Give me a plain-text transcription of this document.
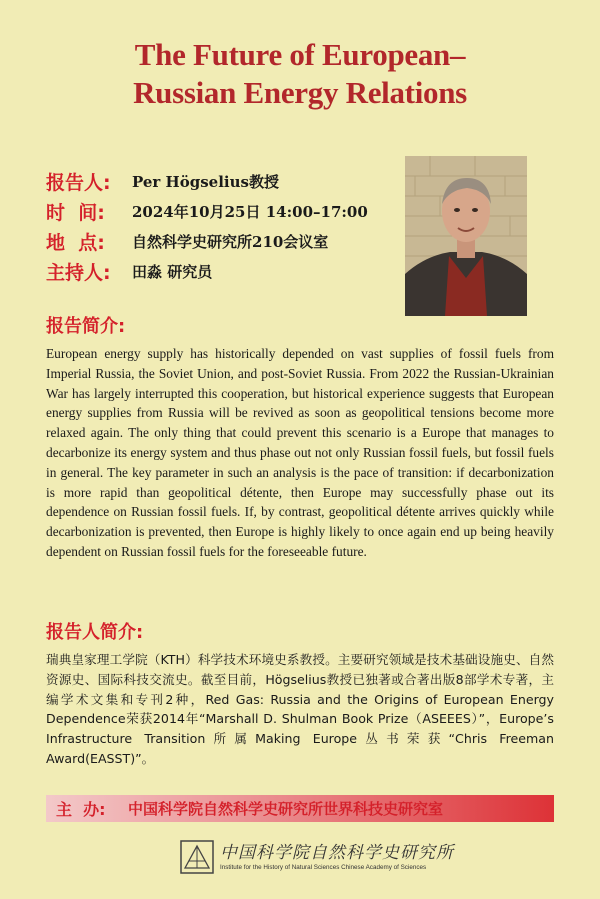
The Future of European–
Russian Energy Relations
报告人:	Per Högselius教授
时  间:	2024年10月25日 14:00–17:00
地  点:	自然科学史研究所210会议室
主持人:	田淼 研究员
报告简介:
European energy supply has historically depended on vast supplies of fossil fuels from Imperial Russia, the Soviet Union, and post-Soviet Russia. From 2022 the Russian-Ukrainian War has largely interrupted this cooperation, but historical experience suggests that European energy supplies from Russia will be revived as soon as geopolitical tensions become more relaxed again. The only thing that could prevent this scenario is a Europe that manages to decarbonize its energy system and thus phase out not only Russian fossil fuels, but fossil fuels in general. The key parameter in such an analysis is the pace of transition: if decarbonization is more rapid than geopolitical détente, then Europe may successfully phase out its dependence on Russian fossil fuels. If, by contrast, geopolitical détente arrives quickly while decarbonization is prevented, then Europe is highly likely to once again end up being heavily dependent on Russian fossil fuels for the foreseeable future.
报告人简介:
瑞典皇家理工学院（KTH）科学技术环境史系教授。主要研究领域是技术基础设施史、自然资源史、国际科技交流史。截至目前，Högselius教授已独著或合著出版8部学术专著，主编学术文集和专刊2种，Red Gas: Russia and the Origins of European Energy Dependence荣获2014年“Marshall D. Shulman Book Prize（ASEEES）”，Europe’s Infrastructure Transition所属Making Europe丛书荣获“Chris Freeman Award(EASST)”。
主  办:	中国科学院自然科学史研究所世界科技史研究室
中国科学院自然科学史研究所
Institute for the History of Natural Sciences Chinese Academy of Sciences
